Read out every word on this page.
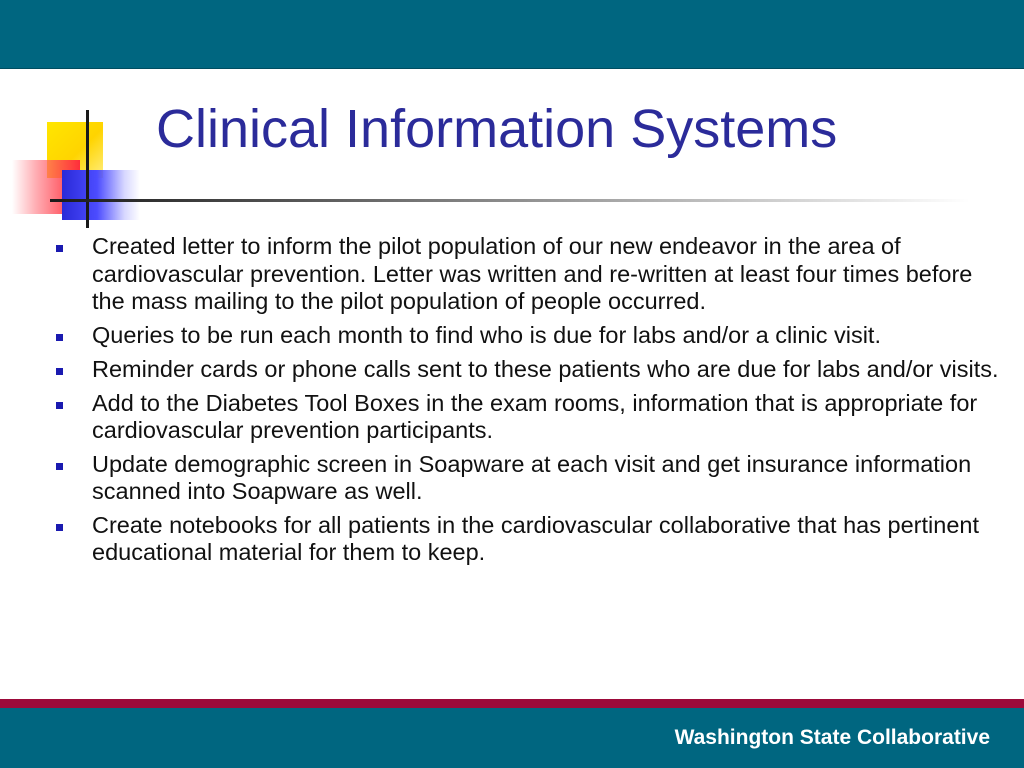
Clinical Information Systems
Created letter to inform the pilot population of our new endeavor in the area of cardiovascular prevention. Letter was written and re-written at least four times before the mass mailing to the pilot population of people occurred.
Queries to be run each month to find who is due for labs and/or a clinic visit.
Reminder cards or phone calls sent to these patients who are due for labs and/or visits.
Add to the Diabetes Tool Boxes in the exam rooms, information that is appropriate for cardiovascular prevention participants.
Update demographic screen in Soapware at each visit and get insurance information scanned into Soapware as well.
Create notebooks for all patients in the cardiovascular collaborative that has pertinent educational material for them to keep.
Washington State Collaborative
